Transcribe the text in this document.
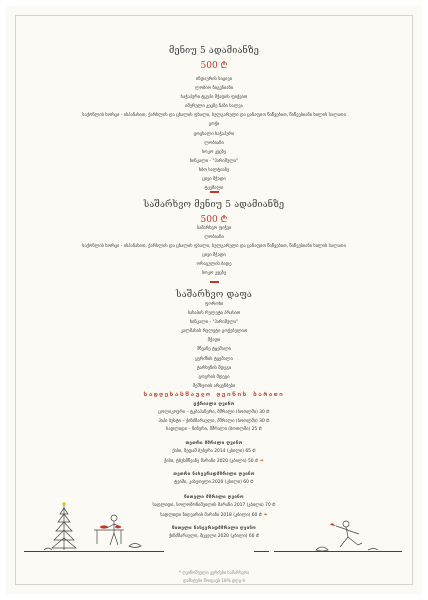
მენიუ 5 ადამიანზე
500 ₾
ინდაურის საცივი
ლობიო ნიგვზიანი
ხაჭაპური ტყუპი მჭადის ფიჭვით
იმერული კეცზე ნაზი ხალვა
საქონლის ხორცი - ისპანახით, ქარხლის და ცხალის ფხალი, ბულგარული და ცანაფით წიწვებით, წიწვებიანი ხილის სალათი
გოჭი
ცოცხალი ხაჭაპური
ლობიანი
სოკო კეცზე
ხინკალი - "ჰარიშულა"
ხბო სალტიაზე
ცივი მჭადი
ტკემალი
საშარხვო მენიუ 5 ადამიანზე
500 ₾
საშარხვო ფიჭვი
ლობიანი
საქონლის ხორცი - ისპანახით, ქარხლის და ცხალის ფხალი, ბულგარული და ცანაფით წიწვებით, წიწვებიანი ხილის სალათი
ცივი მჭადი
ორაგულის ბადე
სოკო კეცზე
საშარხვო დაფა
ფოროხი
სახასის რულეტი პრასით
ხინკალი - "ჰარიშულა"
კალმახის რულეტი გოჭებულით
მჭადი
მწვანე ტყემალი
ყურძნის ტყემალი
ტარხუნის მდეგი
გოგრის მდეგი
მეშხეთის არყენბები
სადღესასწაულო ღვინის ბარათი
ცქრიალა ღვინო
ცოლიკოური – ტკბაპანური, მშრალი (ბოთლში) 30 ₾
ჰიპი ბუსტი – ქინძმარაული, მშრალი (ბოთლში) 30 ₾
სადლიდი – ჩინური, მშრალი (ბოთლში) 25 ₾
თეთრი მშრალი ღვინო
ქისი, ზედაშ ბუბურა 2014 (კბილი) 65 ₾
ქისი, ტბუსმწვანე მარანი 2020 (კბილი) 50 ₾ ❧
თეთრი ნახევრადმშრალი ღვინო
ტვიში, კახეთელი 2020 (კბილი) 60 ₾
წითელი მშრალი ღვინო
სადლიდი, სოლომონიშვილის მარანი 2017 (კბილი) 70 ₾
სადლიდი ზიღვარის მარანი 2018 (კბილი) 60 ₾ ❧
წითელი ნახევრადმშრალი ღვინო
ქინძმარაული, მცველი 2020 (კბილი) 60 ₾
* ღვინოშეული კერძები საშარხვოა
დამატები მოიცავს 18% დღგ-ს
